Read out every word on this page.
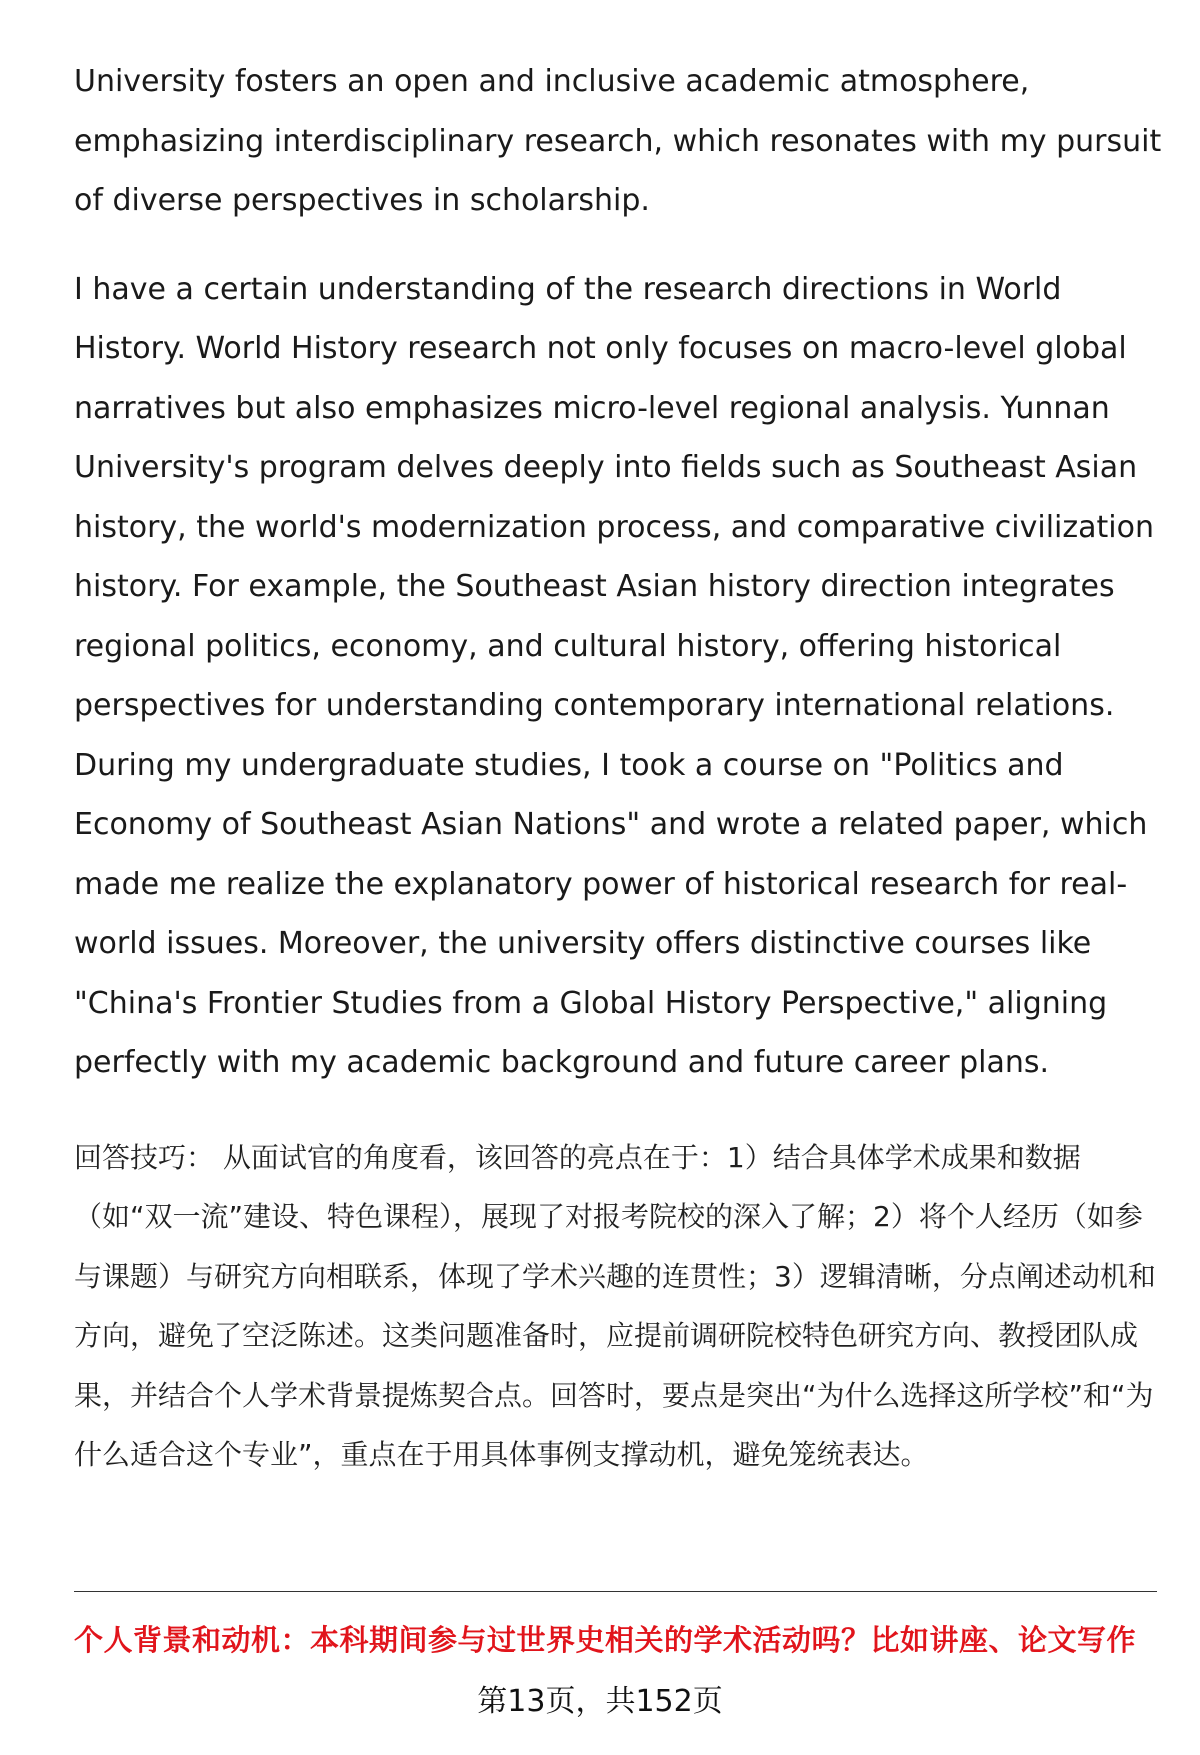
University fosters an open and inclusive academic atmosphere, emphasizing interdisciplinary research, which resonates with my pursuit of diverse perspectives in scholarship.

I have a certain understanding of the research directions in World History. World History research not only focuses on macro-level global narratives but also emphasizes micro-level regional analysis. Yunnan University's program delves deeply into fields such as Southeast Asian history, the world's modernization process, and comparative civilization history. For example, the Southeast Asian history direction integrates regional politics, economy, and cultural history, offering historical perspectives for understanding contemporary international relations. During my undergraduate studies, I took a course on "Politics and Economy of Southeast Asian Nations" and wrote a related paper, which made me realize the explanatory power of historical research for real-world issues. Moreover, the university offers distinctive courses like "China's Frontier Studies from a Global History Perspective," aligning perfectly with my academic background and future career plans.

回答技巧： 从面试官的角度看，该回答的亮点在于：1）结合具体学术成果和数据（如“双一流”建设、特色课程），展现了对报考院校的深入了解；2）将个人经历（如参与课题）与研究方向相联系，体现了学术兴趣的连贯性；3）逻辑清晰，分点阐述动机和方向，避免了空泛陈述。这类问题准备时，应提前调研院校特色研究方向、教授团队成果，并结合个人学术背景提炼契合点。回答时，要点是突出“为什么选择这所学校”和“为什么适合这个专业”，重点在于用具体事例支撑动机，避免笼统表达。

个人背景和动机：本科期间参与过世界史相关的学术活动吗？比如讲座、论文写作
第13页，共152页
